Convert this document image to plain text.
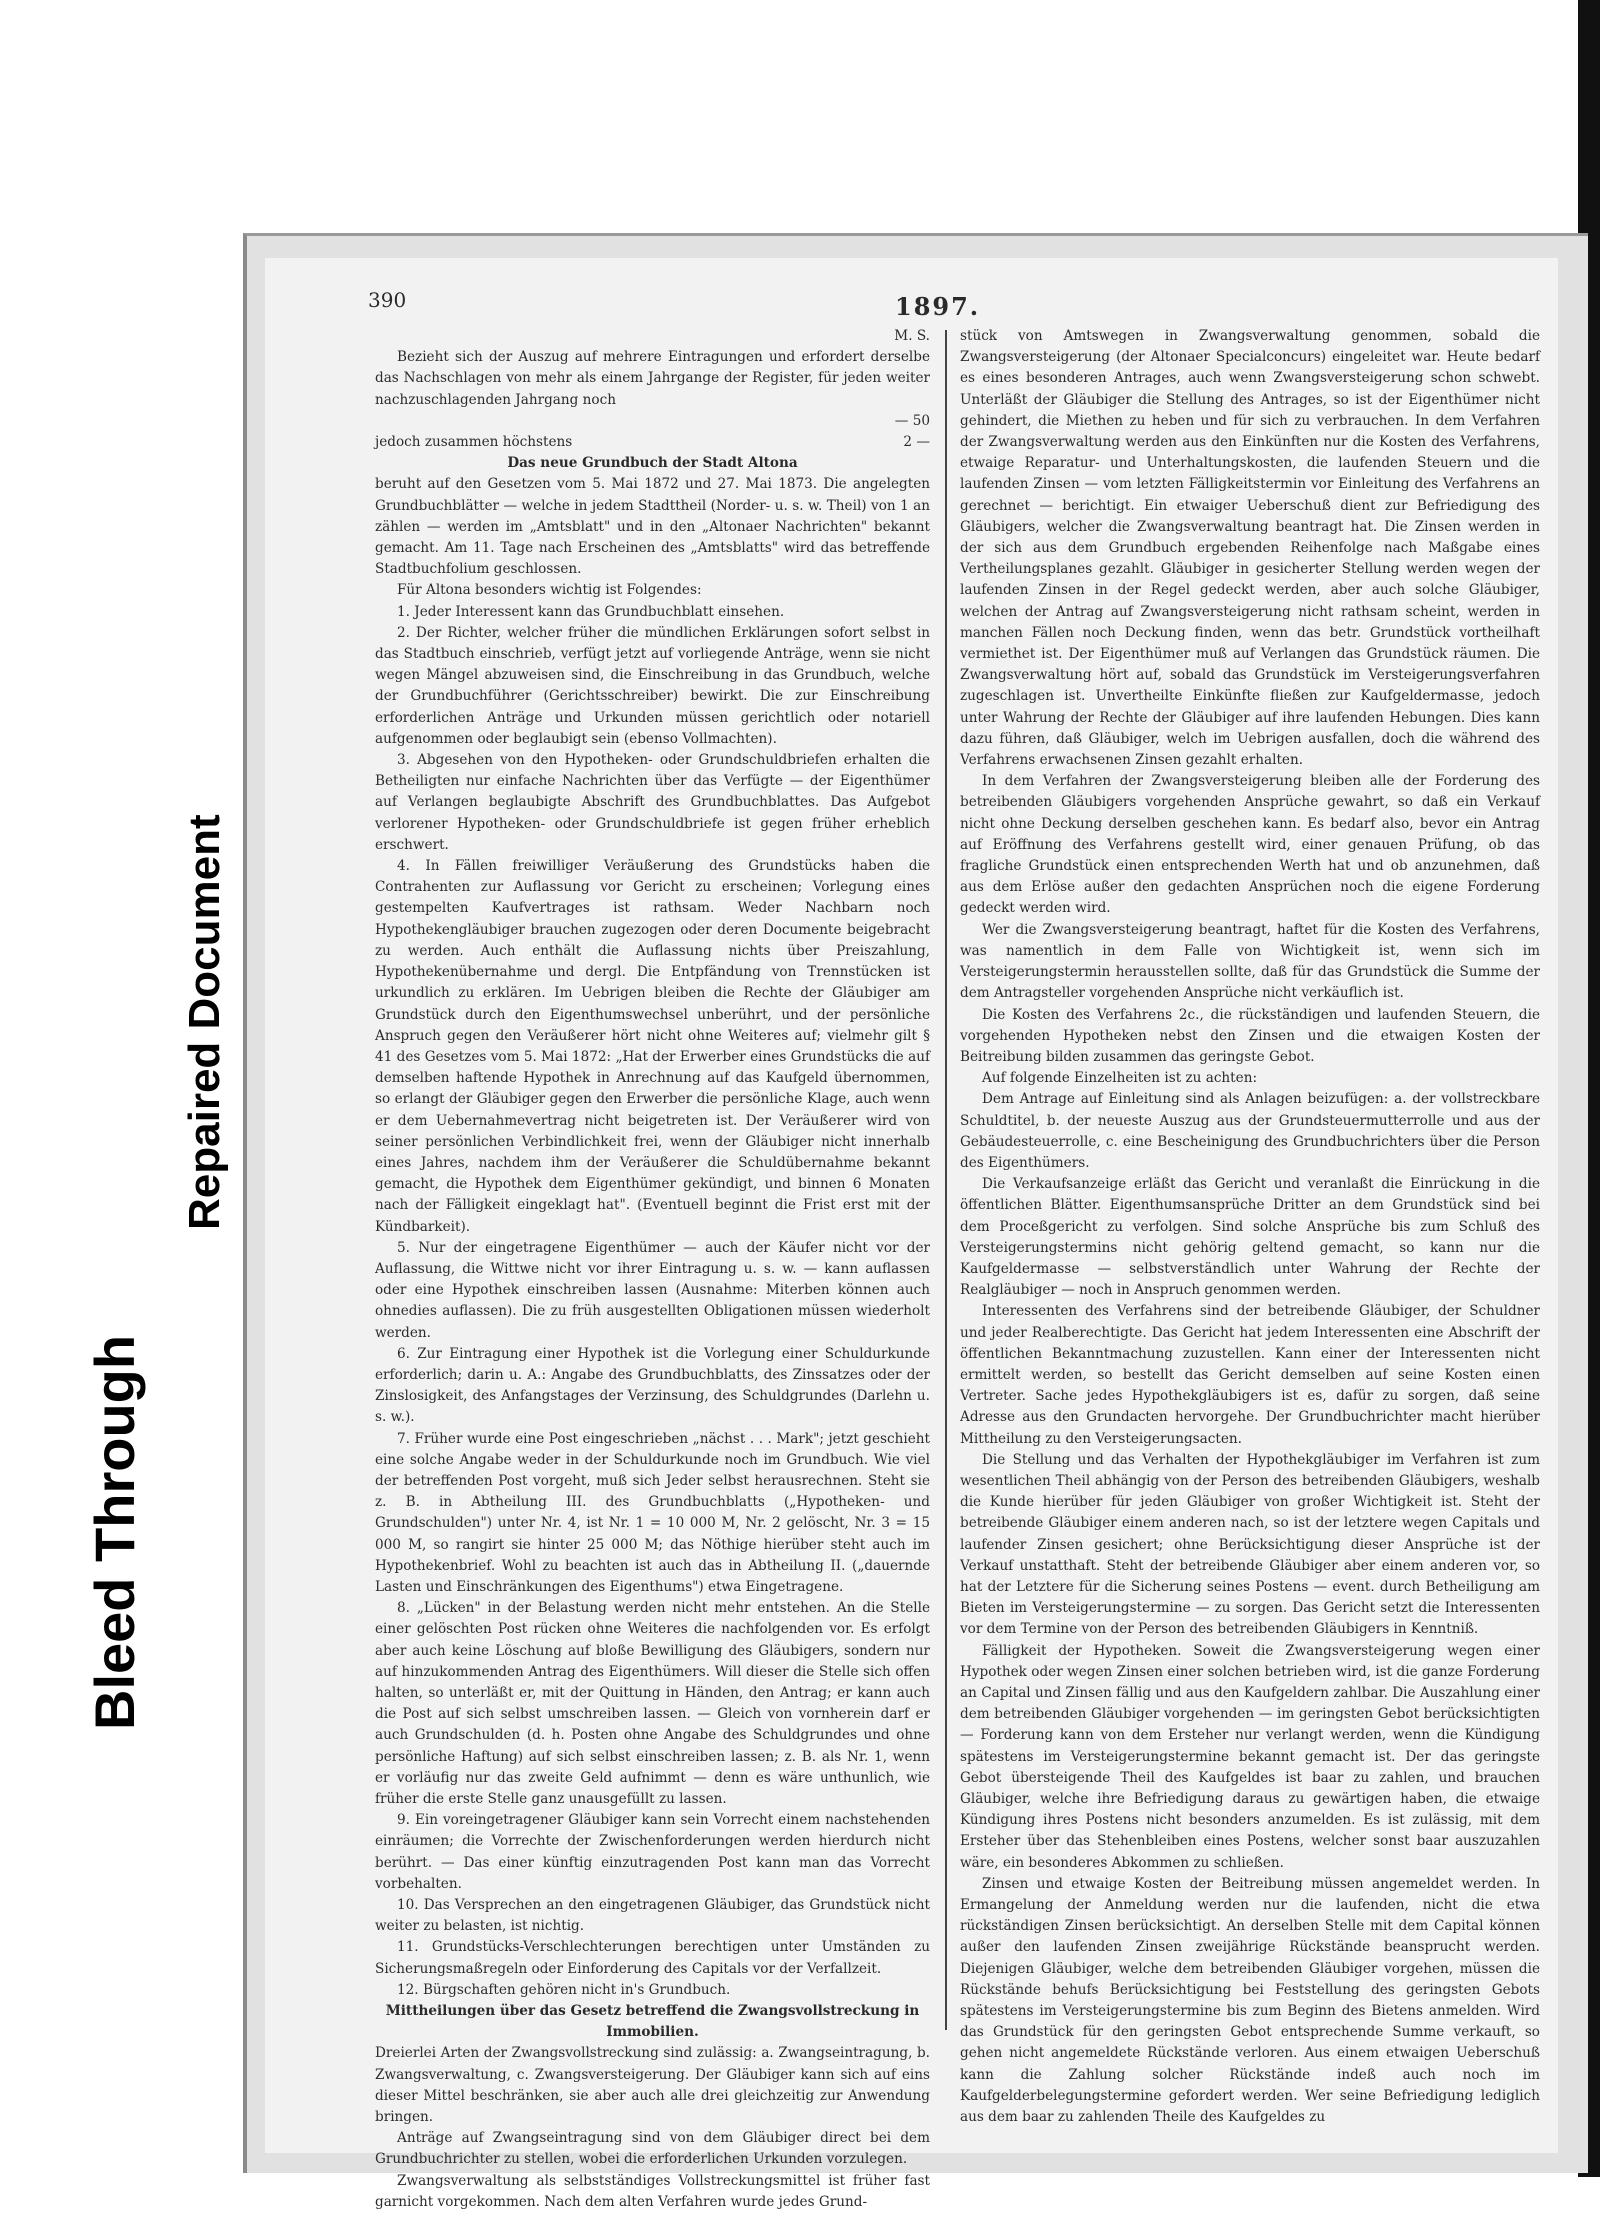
Bleed Through
Repaired Document
390	1897.

M. S.

Bezieht sich der Auszug auf mehrere Eintragungen und erfordert derselbe das Nachschlagen von mehr als einem Jahrgange der Register, für jeden weiter nachzuschlagenden Jahrgang noch

— 50
jedoch zusammen höchstens	2 —

Das neue Grundbuch der Stadt Altona

beruht auf den Gesetzen vom 5. Mai 1872 und 27. Mai 1873. Die angelegten Grundbuchblätter — welche in jedem Stadttheil (Norder- u. s. w. Theil) von 1 an zählen — werden im „Amtsblatt" und in den „Altonaer Nachrichten" bekannt gemacht. Am 11. Tage nach Erscheinen des „Amtsblatts" wird das betreffende Stadtbuchfolium geschlossen.

Für Altona besonders wichtig ist Folgendes:

1. Jeder Interessent kann das Grundbuchblatt einsehen.

2. Der Richter, welcher früher die mündlichen Erklärungen sofort selbst in das Stadtbuch einschrieb, verfügt jetzt auf vorliegende Anträge, wenn sie nicht wegen Mängel abzuweisen sind, die Einschreibung in das Grundbuch, welche der Grundbuchführer (Gerichtsschreiber) bewirkt. Die zur Einschreibung erforderlichen Anträge und Urkunden müssen gerichtlich oder notariell aufgenommen oder beglaubigt sein (ebenso Vollmachten).

3. Abgesehen von den Hypotheken- oder Grundschuldbriefen erhalten die Betheiligten nur einfache Nachrichten über das Verfügte — der Eigenthümer auf Verlangen beglaubigte Abschrift des Grundbuchblattes. Das Aufgebot verlorener Hypotheken- oder Grundschuldbriefe ist gegen früher erheblich erschwert.

4. In Fällen freiwilliger Veräußerung des Grundstücks haben die Contrahenten zur Auflassung vor Gericht zu erscheinen; Vorlegung eines gestempelten Kaufvertrages ist rathsam. Weder Nachbarn noch Hypothekengläubiger brauchen zugezogen oder deren Documente beigebracht zu werden. Auch enthält die Auflassung nichts über Preiszahlung, Hypothekenübernahme und dergl. Die Entpfändung von Trennstücken ist urkundlich zu erklären. Im Uebrigen bleiben die Rechte der Gläubiger am Grundstück durch den Eigenthumswechsel unberührt, und der persönliche Anspruch gegen den Veräußerer hört nicht ohne Weiteres auf; vielmehr gilt § 41 des Gesetzes vom 5. Mai 1872: „Hat der Erwerber eines Grundstücks die auf demselben haftende Hypothek in Anrechnung auf das Kaufgeld übernommen, so erlangt der Gläubiger gegen den Erwerber die persönliche Klage, auch wenn er dem Uebernahmevertrag nicht beigetreten ist. Der Veräußerer wird von seiner persönlichen Verbindlichkeit frei, wenn der Gläubiger nicht innerhalb eines Jahres, nachdem ihm der Veräußerer die Schuldübernahme bekannt gemacht, die Hypothek dem Eigenthümer gekündigt, und binnen 6 Monaten nach der Fälligkeit eingeklagt hat". (Eventuell beginnt die Frist erst mit der Kündbarkeit).

5. Nur der eingetragene Eigenthümer — auch der Käufer nicht vor der Auflassung, die Wittwe nicht vor ihrer Eintragung u. s. w. — kann auflassen oder eine Hypothek einschreiben lassen (Ausnahme: Miterben können auch ohnedies auflassen). Die zu früh ausgestellten Obligationen müssen wiederholt werden.

6. Zur Eintragung einer Hypothek ist die Vorlegung einer Schuldurkunde erforderlich; darin u. A.: Angabe des Grundbuchblatts, des Zinssatzes oder der Zinslosigkeit, des Anfangstages der Verzinsung, des Schuldgrundes (Darlehn u. s. w.).

7. Früher wurde eine Post eingeschrieben „nächst . . . Mark"; jetzt geschieht eine solche Angabe weder in der Schuldurkunde noch im Grundbuch. Wie viel der betreffenden Post vorgeht, muß sich Jeder selbst herausrechnen. Steht sie z. B. in Abtheilung III. des Grundbuchblatts („Hypotheken- und Grundschulden") unter Nr. 4, ist Nr. 1 = 10 000 M, Nr. 2 gelöscht, Nr. 3 = 15 000 M, so rangirt sie hinter 25 000 M; das Nöthige hierüber steht auch im Hypothekenbrief. Wohl zu beachten ist auch das in Abtheilung II. („dauernde Lasten und Einschränkungen des Eigenthums") etwa Eingetragene.

8. „Lücken" in der Belastung werden nicht mehr entstehen. An die Stelle einer gelöschten Post rücken ohne Weiteres die nachfolgenden vor. Es erfolgt aber auch keine Löschung auf bloße Bewilligung des Gläubigers, sondern nur auf hinzukommenden Antrag des Eigenthümers. Will dieser die Stelle sich offen halten, so unterläßt er, mit der Quittung in Händen, den Antrag; er kann auch die Post auf sich selbst umschreiben lassen. — Gleich von vornherein darf er auch Grundschulden (d. h. Posten ohne Angabe des Schuldgrundes und ohne persönliche Haftung) auf sich selbst einschreiben lassen; z. B. als Nr. 1, wenn er vorläufig nur das zweite Geld aufnimmt — denn es wäre unthunlich, wie früher die erste Stelle ganz unausgefüllt zu lassen.

9. Ein voreingetragener Gläubiger kann sein Vorrecht einem nachstehenden einräumen; die Vorrechte der Zwischenforderungen werden hierdurch nicht berührt. — Das einer künftig einzutragenden Post kann man das Vorrecht vorbehalten.

10. Das Versprechen an den eingetragenen Gläubiger, das Grundstück nicht weiter zu belasten, ist nichtig.

11. Grundstücks-Verschlechterungen berechtigen unter Umständen zu Sicherungsmaßregeln oder Einforderung des Capitals vor der Verfallzeit.

12. Bürgschaften gehören nicht in's Grundbuch.

Mittheilungen über das Gesetz betreffend die Zwangsvollstreckung in Immobilien.

Dreierlei Arten der Zwangsvollstreckung sind zulässig: a. Zwangseintragung, b. Zwangsverwaltung, c. Zwangsversteigerung. Der Gläubiger kann sich auf eins dieser Mittel beschränken, sie aber auch alle drei gleichzeitig zur Anwendung bringen.

Anträge auf Zwangseintragung sind von dem Gläubiger direct bei dem Grundbuchrichter zu stellen, wobei die erforderlichen Urkunden vorzulegen.

Zwangsverwaltung als selbstständiges Vollstreckungsmittel ist früher fast garnicht vorgekommen. Nach dem alten Verfahren wurde jedes Grund-

stück von Amtswegen in Zwangsverwaltung genommen, sobald die Zwangsversteigerung (der Altonaer Specialconcurs) eingeleitet war. Heute bedarf es eines besonderen Antrages, auch wenn Zwangsversteigerung schon schwebt. Unterläßt der Gläubiger die Stellung des Antrages, so ist der Eigenthümer nicht gehindert, die Miethen zu heben und für sich zu verbrauchen. In dem Verfahren der Zwangsverwaltung werden aus den Einkünften nur die Kosten des Verfahrens, etwaige Reparatur- und Unterhaltungskosten, die laufenden Steuern und die laufenden Zinsen — vom letzten Fälligkeitstermin vor Einleitung des Verfahrens an gerechnet — berichtigt. Ein etwaiger Ueberschuß dient zur Befriedigung des Gläubigers, welcher die Zwangsverwaltung beantragt hat. Die Zinsen werden in der sich aus dem Grundbuch ergebenden Reihenfolge nach Maßgabe eines Vertheilungsplanes gezahlt. Gläubiger in gesicherter Stellung werden wegen der laufenden Zinsen in der Regel gedeckt werden, aber auch solche Gläubiger, welchen der Antrag auf Zwangsversteigerung nicht rathsam scheint, werden in manchen Fällen noch Deckung finden, wenn das betr. Grundstück vortheilhaft vermiethet ist. Der Eigenthümer muß auf Verlangen das Grundstück räumen. Die Zwangsverwaltung hört auf, sobald das Grundstück im Versteigerungsverfahren zugeschlagen ist. Unvertheilte Einkünfte fließen zur Kaufgeldermasse, jedoch unter Wahrung der Rechte der Gläubiger auf ihre laufenden Hebungen. Dies kann dazu führen, daß Gläubiger, welch im Uebrigen ausfallen, doch die während des Verfahrens erwachsenen Zinsen gezahlt erhalten.

In dem Verfahren der Zwangsversteigerung bleiben alle der Forderung des betreibenden Gläubigers vorgehenden Ansprüche gewahrt, so daß ein Verkauf nicht ohne Deckung derselben geschehen kann. Es bedarf also, bevor ein Antrag auf Eröffnung des Verfahrens gestellt wird, einer genauen Prüfung, ob das fragliche Grundstück einen entsprechenden Werth hat und ob anzunehmen, daß aus dem Erlöse außer den gedachten Ansprüchen noch die eigene Forderung gedeckt werden wird.

Wer die Zwangsversteigerung beantragt, haftet für die Kosten des Verfahrens, was namentlich in dem Falle von Wichtigkeit ist, wenn sich im Versteigerungstermin herausstellen sollte, daß für das Grundstück die Summe der dem Antragsteller vorgehenden Ansprüche nicht verkäuflich ist.

Die Kosten des Verfahrens 2c., die rückständigen und laufenden Steuern, die vorgehenden Hypotheken nebst den Zinsen und die etwaigen Kosten der Beitreibung bilden zusammen das geringste Gebot.

Auf folgende Einzelheiten ist zu achten:

Dem Antrage auf Einleitung sind als Anlagen beizufügen: a. der vollstreckbare Schuldtitel, b. der neueste Auszug aus der Grundsteuermutterrolle und aus der Gebäudesteuerrolle, c. eine Bescheinigung des Grundbuchrichters über die Person des Eigenthümers.

Die Verkaufsanzeige erläßt das Gericht und veranlaßt die Einrückung in die öffentlichen Blätter. Eigenthumsansprüche Dritter an dem Grundstück sind bei dem Proceßgericht zu verfolgen. Sind solche Ansprüche bis zum Schluß des Versteigerungstermins nicht gehörig geltend gemacht, so kann nur die Kaufgeldermasse — selbstverständlich unter Wahrung der Rechte der Realgläubiger — noch in Anspruch genommen werden.

Interessenten des Verfahrens sind der betreibende Gläubiger, der Schuldner und jeder Realberechtigte. Das Gericht hat jedem Interessenten eine Abschrift der öffentlichen Bekanntmachung zuzustellen. Kann einer der Interessenten nicht ermittelt werden, so bestellt das Gericht demselben auf seine Kosten einen Vertreter. Sache jedes Hypothekgläubigers ist es, dafür zu sorgen, daß seine Adresse aus den Grundacten hervorgehe. Der Grundbuchrichter macht hierüber Mittheilung zu den Versteigerungsacten.

Die Stellung und das Verhalten der Hypothekgläubiger im Verfahren ist zum wesentlichen Theil abhängig von der Person des betreibenden Gläubigers, weshalb die Kunde hierüber für jeden Gläubiger von großer Wichtigkeit ist. Steht der betreibende Gläubiger einem anderen nach, so ist der letztere wegen Capitals und laufender Zinsen gesichert; ohne Berücksichtigung dieser Ansprüche ist der Verkauf unstatthaft. Steht der betreibende Gläubiger aber einem anderen vor, so hat der Letztere für die Sicherung seines Postens — event. durch Betheiligung am Bieten im Versteigerungstermine — zu sorgen. Das Gericht setzt die Interessenten vor dem Termine von der Person des betreibenden Gläubigers in Kenntniß.

Fälligkeit der Hypotheken. Soweit die Zwangsversteigerung wegen einer Hypothek oder wegen Zinsen einer solchen betrieben wird, ist die ganze Forderung an Capital und Zinsen fällig und aus den Kaufgeldern zahlbar. Die Auszahlung einer dem betreibenden Gläubiger vorgehenden — im geringsten Gebot berücksichtigten — Forderung kann von dem Ersteher nur verlangt werden, wenn die Kündigung spätestens im Versteigerungstermine bekannt gemacht ist. Der das geringste Gebot übersteigende Theil des Kaufgeldes ist baar zu zahlen, und brauchen Gläubiger, welche ihre Befriedigung daraus zu gewärtigen haben, die etwaige Kündigung ihres Postens nicht besonders anzumelden. Es ist zulässig, mit dem Ersteher über das Stehenbleiben eines Postens, welcher sonst baar auszuzahlen wäre, ein besonderes Abkommen zu schließen.

Zinsen und etwaige Kosten der Beitreibung müssen angemeldet werden. In Ermangelung der Anmeldung werden nur die laufenden, nicht die etwa rückständigen Zinsen berücksichtigt. An derselben Stelle mit dem Capital können außer den laufenden Zinsen zweijährige Rückstände beansprucht werden. Diejenigen Gläubiger, welche dem betreibenden Gläubiger vorgehen, müssen die Rückstände behufs Berücksichtigung bei Feststellung des geringsten Gebots spätestens im Versteigerungstermine bis zum Beginn des Bietens anmelden. Wird das Grundstück für den geringsten Gebot entsprechende Summe verkauft, so gehen nicht angemeldete Rückstände verloren. Aus einem etwaigen Ueberschuß kann die Zahlung solcher Rückstände indeß auch noch im Kaufgelderbelegungstermine gefordert werden. Wer seine Befriedigung lediglich aus dem baar zu zahlenden Theile des Kaufgeldes zu
